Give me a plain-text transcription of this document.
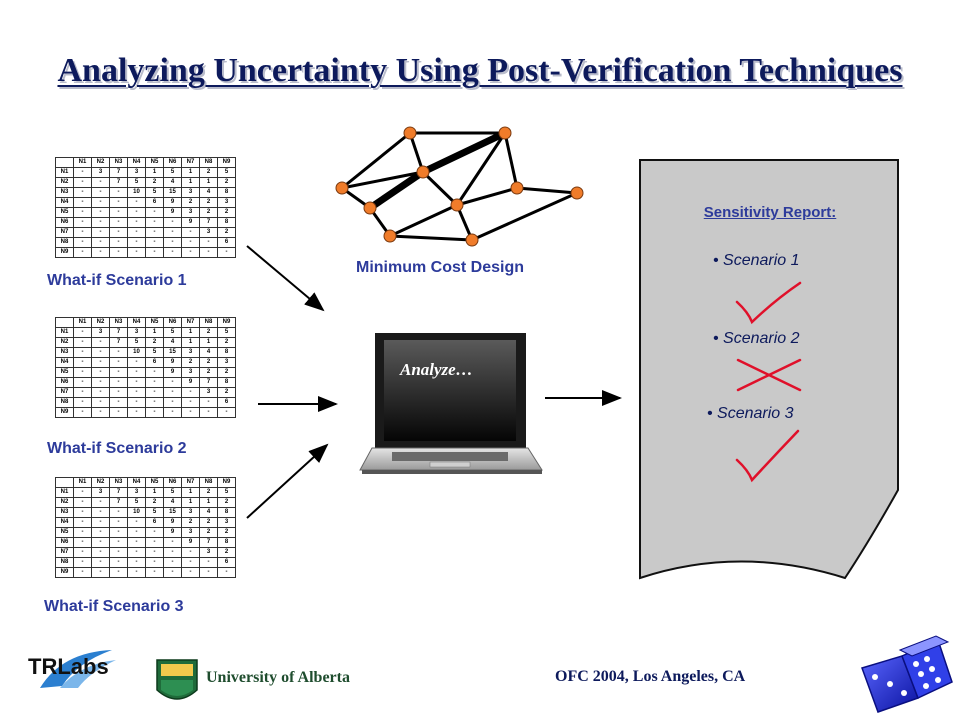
Analyzing Uncertainty Using Post-Verification Techniques
	N1	N2	N3	N4	N5	N6	N7	N8	N9
N1	-	3	7	3	1	5	1	2	5
N2	-	-	7	5	2	4	1	1	2
N3	-	-	-	10	5	15	3	4	8
N4	-	-	-	-	6	9	2	2	3
N5	-	-	-	-	-	9	3	2	2
N6	-	-	-	-	-	-	9	7	8
N7	-	-	-	-	-	-	-	3	2
N8	-	-	-	-	-	-	-	-	6
N9	-	-	-	-	-	-	-	-	-
	N1	N2	N3	N4	N5	N6	N7	N8	N9
N1	-	3	7	3	1	5	1	2	5
N2	-	-	7	5	2	4	1	1	2
N3	-	-	-	10	5	15	3	4	8
N4	-	-	-	-	6	9	2	2	3
N5	-	-	-	-	-	9	3	2	2
N6	-	-	-	-	-	-	9	7	8
N7	-	-	-	-	-	-	-	3	2
N8	-	-	-	-	-	-	-	-	6
N9	-	-	-	-	-	-	-	-	-
	N1	N2	N3	N4	N5	N6	N7	N8	N9
N1	-	3	7	3	1	5	1	2	5
N2	-	-	7	5	2	4	1	1	2
N3	-	-	-	10	5	15	3	4	8
N4	-	-	-	-	6	9	2	2	3
N5	-	-	-	-	-	9	3	2	2
N6	-	-	-	-	-	-	9	7	8
N7	-	-	-	-	-	-	-	3	2
N8	-	-	-	-	-	-	-	-	6
N9	-	-	-	-	-	-	-	-	-
What-if Scenario 1
What-if Scenario 2
What-if Scenario 3
Minimum Cost Design
Analyze…
Sensitivity Report:
• Scenario 1
• Scenario 2
• Scenario 3
TRLabs	University of Alberta	OFC 2004, Los Angeles, CA
